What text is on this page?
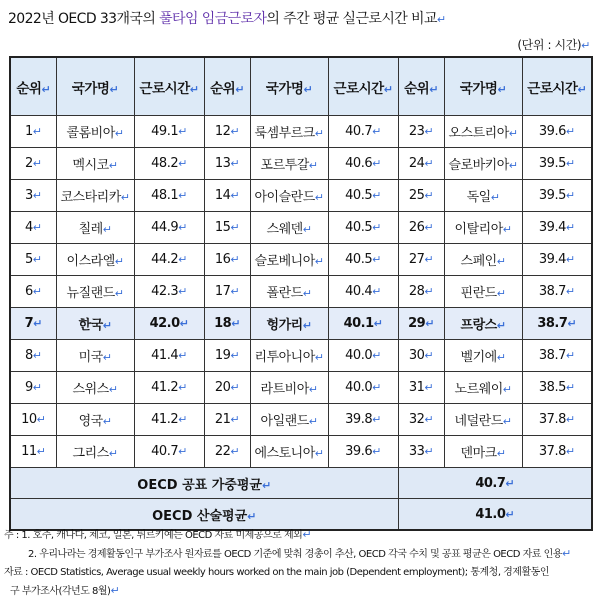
2022년 OECD 33개국의 풀타임 임금근로자의 주간 평균 실근로시간 비교↵
(단위 : 시간)↵
순위↵	국가명↵	근로시간↵	순위↵	국가명↵	근로시간↵	순위↵	국가명↵	근로시간↵
1↵	콜롬비아↵	49.1↵	12↵	룩셈부르크↵	40.7↵	23↵	오스트리아↵	39.6↵
2↵	멕시코↵	48.2↵	13↵	포르투갈↵	40.6↵	24↵	슬로바키아↵	39.5↵
3↵	코스타리카↵	48.1↵	14↵	아이슬란드↵	40.5↵	25↵	독일↵	39.5↵
4↵	칠레↵	44.9↵	15↵	스웨덴↵	40.5↵	26↵	이탈리아↵	39.4↵
5↵	이스라엘↵	44.2↵	16↵	슬로베니아↵	40.5↵	27↵	스페인↵	39.4↵
6↵	뉴질랜드↵	42.3↵	17↵	폴란드↵	40.4↵	28↵	핀란드↵	38.7↵
7↵	한국↵	42.0↵	18↵	헝가리↵	40.1↵	29↵	프랑스↵	38.7↵
8↵	미국↵	41.4↵	19↵	리투아니아↵	40.0↵	30↵	벨기에↵	38.7↵
9↵	스위스↵	41.2↵	20↵	라트비아↵	40.0↵	31↵	노르웨이↵	38.5↵
10↵	영국↵	41.2↵	21↵	아일랜드↵	39.8↵	32↵	네덜란드↵	37.8↵
11↵	그리스↵	40.7↵	22↵	에스토니아↵	39.6↵	33↵	덴마크↵	37.8↵
OECD 공표 가중평균↵						40.7↵		
OECD 산술평균↵						41.0↵		
주 : 1. 호주, 캐나다, 체코, 일본, 튀르키예는 OECD 자료 미제공으로 제외↵
2. 우리나라는 경제활동인구 부가조사 원자료를 OECD 기준에 맞춰 경총이 추산, OECD 각국 수치 및 공표 평균은 OECD 자료 인용↵
자료 : OECD Statistics, Average usual weekly hours worked on the main job (Dependent employment); 통계청, 경제활동인
구 부가조사(각년도 8월)↵
